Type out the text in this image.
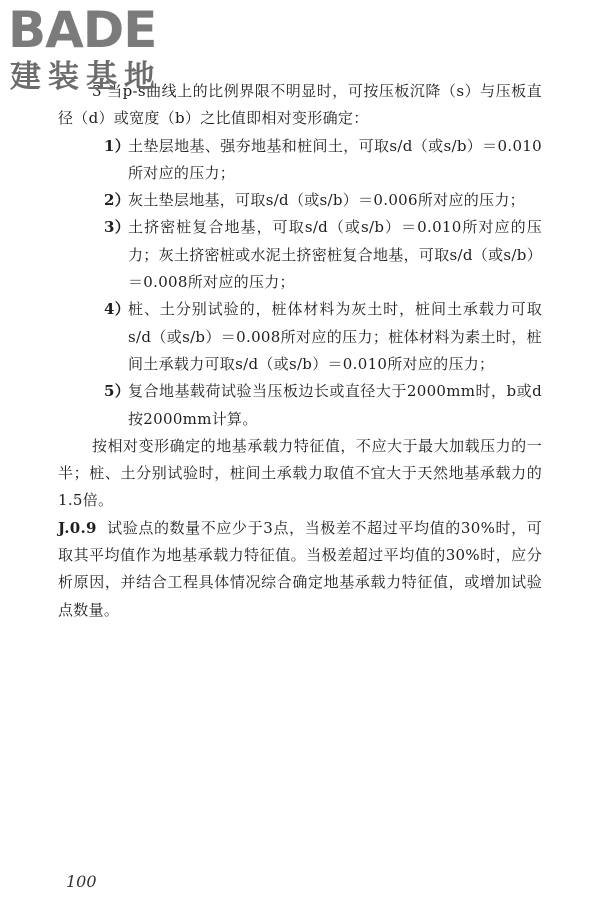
BADE
建装基地

3 当p-s曲线上的比例界限不明显时，可按压板沉降（s）与压板直径（d）或宽度（b）之比值即相对变形确定：

1）
土垫层地基、强夯地基和桩间土，可取s/d（或s/b）＝0.010所对应的压力；
2）
灰土垫层地基，可取s/d（或s/b）＝0.006所对应的压力；
3）
土挤密桩复合地基，可取s/d（或s/b）＝0.010所对应的压力；灰土挤密桩或水泥土挤密桩复合地基，可取s/d（或s/b）＝0.008所对应的压力；
4）
桩、土分别试验的，桩体材料为灰土时，桩间土承载力可取s/d（或s/b）＝0.008所对应的压力；桩体材料为素土时，桩间土承载力可取s/d（或s/b）＝0.010所对应的压力；
5）
复合地基载荷试验当压板边长或直径大于2000mm时，b或d按2000mm计算。

按相对变形确定的地基承载力特征值，不应大于最大加载压力的一半；桩、土分别试验时，桩间土承载力取值不宜大于天然地基承载力的1.5倍。

J.0.9 试验点的数量不应少于3点，当极差不超过平均值的30%时，可取其平均值作为地基承载力特征值。当极差超过平均值的30%时，应分析原因，并结合工程具体情况综合确定地基承载力特征值，或增加试验点数量。

100
